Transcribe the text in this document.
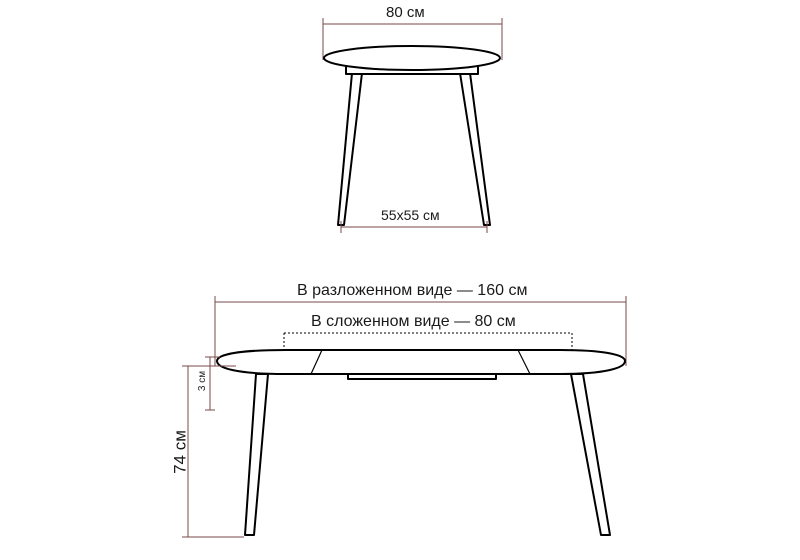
80 см
55x55 см
В разложенном виде — 160 см
В сложенном виде — 80 см
3 см
74 см
